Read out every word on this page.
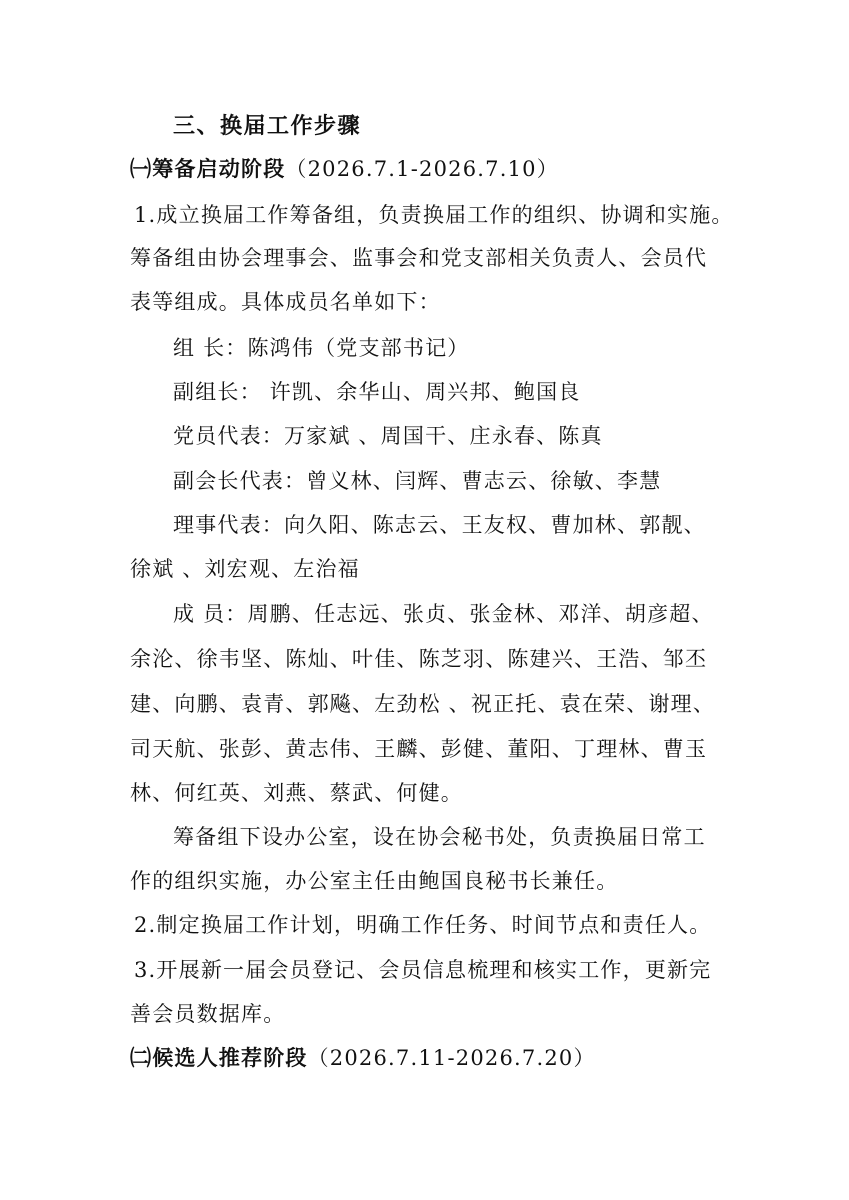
三、换届工作步骤
㈠筹备启动阶段（2026.7.1-2026.7.10）
1.成立换届工作筹备组，负责换届工作的组织、协调和实施。
筹备组由协会理事会、监事会和党支部相关负责人、会员代
表等组成。具体成员名单如下：
组 长：陈鸿伟（党支部书记）
副组长： 许凯、余华山、周兴邦、鲍国良
党员代表：万家斌 、周国干、庄永春、陈真
副会长代表：曾义林、闫辉、曹志云、徐敏、李慧
理事代表：向久阳、陈志云、王友权、曹加林、郭靓、
徐斌 、刘宏观、左治福
成 员：周鹏、任志远、张贞、张金林、邓洋、胡彦超、
余沦、徐韦坚、陈灿、叶佳、陈芝羽、陈建兴、王浩、邹丕
建、向鹏、袁青、郭飚、左劲松 、祝正托、袁在荣、谢理、
司天航、张彭、黄志伟、王麟、彭健、董阳、丁理林、曹玉
林、何红英、刘燕、蔡武、何健。
筹备组下设办公室，设在协会秘书处，负责换届日常工
作的组织实施，办公室主任由鲍国良秘书长兼任。
2.制定换届工作计划，明确工作任务、时间节点和责任人。
3.开展新一届会员登记、会员信息梳理和核实工作，更新完
善会员数据库。
㈡候选人推荐阶段（2026.7.11-2026.7.20）
